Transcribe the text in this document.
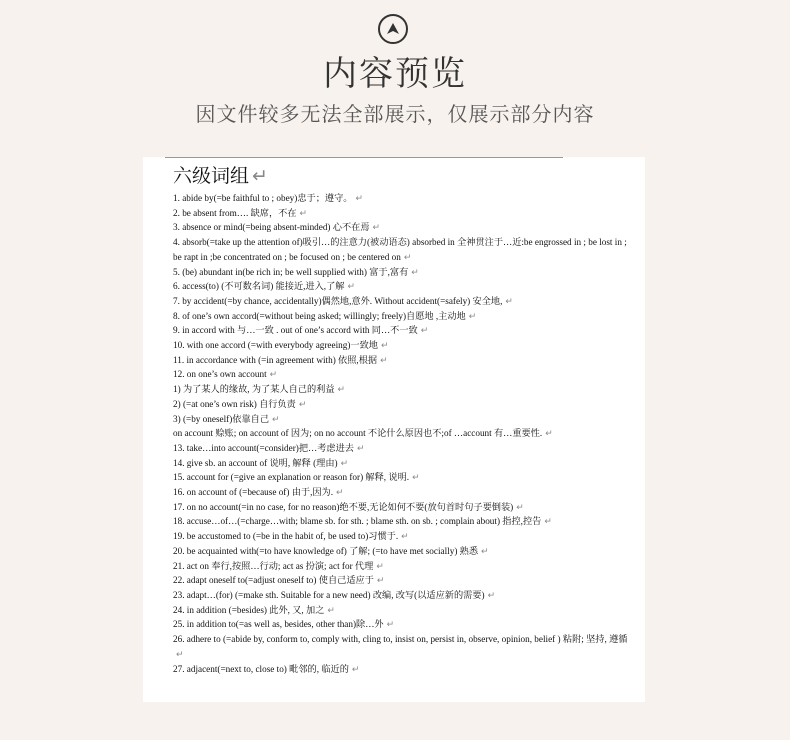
内容预览
因文件较多无法全部展示，仅展示部分内容
六级词组 ↵
1. abide by(=be faithful to ; obey)忠于；遵守。 ↵
2. be absent from…. 缺席，不在 ↵
3. absence or mind(=being absent-minded) 心不在焉 ↵
4. absorb(=take up the attention of)吸引…的注意力(被动语态) absorbed in 全神贯注于…近:be engrossed in ; be lost in ; be rapt in ;be concentrated on ; be focused on ; be centered on ↵
5. (be) abundant in(be rich in; be well supplied with) 富于,富有 ↵
6. access(to) (不可数名词) 能接近,进入,了解 ↵
7. by accident(=by chance, accidentally)偶然地,意外. Without accident(=safely) 安全地, ↵
8. of one’s own accord(=without being asked; willingly; freely)自愿地 ,主动地 ↵
9. in accord with 与…一致 . out of one’s accord with 同…不一致 ↵
10. with one accord (=with everybody agreeing)一致地 ↵
11. in accordance with (=in agreement with) 依照,根据 ↵
12. on one’s own account ↵
1) 为了某人的缘故, 为了某人自己的利益 ↵
2) (=at one’s own risk) 自行负责 ↵
3) (=by oneself)依靠自己 ↵
on account 赊账; on account of 因为; on no account 不论什么原因也不;of …account 有…重要性. ↵
13. take…into account(=consider)把…考虑进去 ↵
14. give sb. an account of 说明, 解释 (理由) ↵
15. account for (=give an explanation or reason for) 解释, 说明. ↵
16. on account of (=because of) 由于,因为. ↵
17. on no account(=in no case, for no reason)绝不要,无论如何不要(放句首时句子要倒装) ↵
18. accuse…of…(=charge…with; blame sb. for sth. ; blame sth. on sb. ; complain about) 指控,控告 ↵
19. be accustomed to (=be in the habit of, be used to)习惯于. ↵
20. be acquainted with(=to have knowledge of) 了解; (=to have met socially) 熟悉 ↵
21. act on 奉行,按照…行动; act as 扮演; act for 代理 ↵
22. adapt oneself to(=adjust oneself to) 使自己适应于 ↵
23. adapt…(for) (=make sth. Suitable for a new need) 改编, 改写(以适应新的需要) ↵
24. in addition (=besides) 此外, 又, 加之 ↵
25. in addition to(=as well as, besides, other than)除…外 ↵
26. adhere to (=abide by, conform to, comply with, cling to, insist on, persist in, observe, opinion, belief ) 粘附; 坚持, 遵循↵
27. adjacent(=next to, close to) 毗邻的, 临近的 ↵
